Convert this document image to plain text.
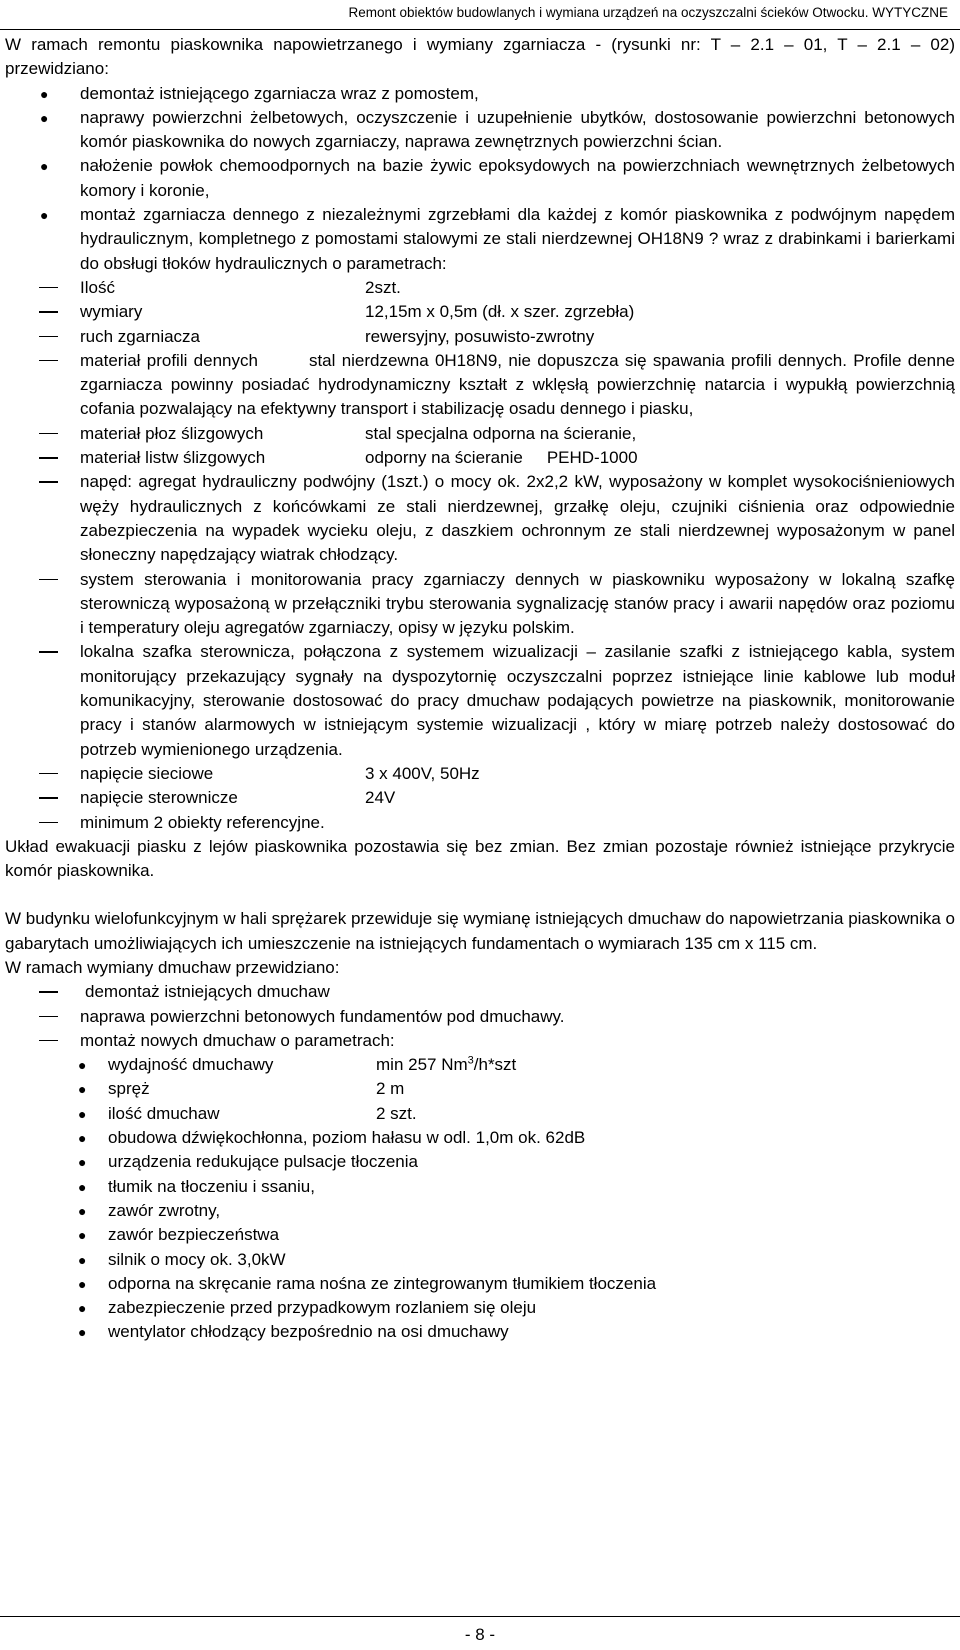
Remont obiektów budowlanych i wymiana urządzeń na oczyszczalni ścieków Otwocku. WYTYCZNE

W ramach remontu piaskownika napowietrzanego i wymiany zgarniacza - (rysunki nr: T – 2.1 – 01, T – 2.1 – 02) przewidziano:

● demontaż istniejącego zgarniacza wraz z pomostem,
● naprawy powierzchni żelbetowych, oczyszczenie i uzupełnienie ubytków, dostosowanie powierzchni betonowych komór piaskownika do nowych zgarniaczy, naprawa zewnętrznych powierzchni ścian.
● nałożenie powłok chemoodpornych na bazie żywic epoksydowych na powierzchniach wewnętrznych żelbetowych komory i koronie,
● montaż zgarniacza dennego z niezależnymi zgrzebłami dla każdej z komór piaskownika z podwójnym napędem hydraulicznym, kompletnego z pomostami stalowymi ze stali nierdzewnej OH18N9 ? wraz z drabinkami i barierkami do obsługi tłoków hydraulicznych o parametrach:
Ilość	2szt.
wymiary	12,15m x 0,5m (dł. x szer. zgrzebła)
ruch zgarniacza	rewersyjny, posuwisto-zwrotny
materiał profili dennych	stal nierdzewna 0H18N9, nie dopuszcza się spawania profili dennych. Profile denne zgarniacza powinny posiadać hydrodynamiczny kształt z wklęsłą powierzchnię natarcia i wypukłą powierzchnią cofania pozwalający na efektywny transport i stabilizację osadu dennego i piasku,
materiał płoz ślizgowych	stal specjalna odporna na ścieranie,
materiał listw ślizgowych	odporny na ścieranie PEHD-1000
napęd: agregat hydrauliczny podwójny (1szt.) o mocy ok. 2x2,2 kW, wyposażony w komplet wysokociśnieniowych węży hydraulicznych z końcówkami ze stali nierdzewnej, grzałkę oleju, czujniki ciśnienia oraz odpowiednie zabezpieczenia na wypadek wycieku oleju, z daszkiem ochronnym ze stali nierdzewnej wyposażonym w panel słoneczny napędzający wiatrak chłodzący.
system sterowania i monitorowania pracy zgarniaczy dennych w piaskowniku wyposażony w lokalną szafkę sterowniczą wyposażoną w przełączniki trybu sterowania sygnalizację stanów pracy i awarii napędów oraz poziomu i temperatury oleju agregatów zgarniaczy, opisy w języku polskim.
lokalna szafka sterownicza, połączona z systemem wizualizacji – zasilanie szafki z istniejącego kabla, system monitorujący przekazujący sygnały na dyspozytornię oczyszczalni poprzez istniejące linie kablowe lub moduł komunikacyjny, sterowanie dostosować do pracy dmuchaw podających powietrze na piaskownik, monitorowanie pracy i stanów alarmowych w istniejącym systemie wizualizacji , który w miarę potrzeb należy dostosować do potrzeb wymienionego urządzenia.
napięcie sieciowe	3 x 400V, 50Hz
napięcie sterownicze	24V
minimum 2 obiekty referencyjne.

Układ ewakuacji piasku z lejów piaskownika pozostawia się bez zmian. Bez zmian pozostaje również istniejące przykrycie komór piaskownika.

W budynku wielofunkcyjnym w hali sprężarek przewiduje się wymianę istniejących dmuchaw do napowietrzania piaskownika o gabarytach umożliwiających ich umieszczenie na istniejących fundamentach o wymiarach 135 cm x 115 cm.

W ramach wymiany dmuchaw przewidziano:

demontaż istniejących dmuchaw
naprawa powierzchni betonowych fundamentów pod dmuchawy.
montaż nowych dmuchaw o parametrach:
● wydajność dmuchawy	min 257 Nm$^3$/h*szt
● spręż	2 m
● ilość dmuchaw	2 szt.
● obudowa dźwiękochłonna, poziom hałasu w odl. 1,0m ok. 62dB
● urządzenia redukujące pulsacje tłoczenia
● tłumik na tłoczeniu i ssaniu,
● zawór zwrotny,
● zawór bezpieczeństwa
● silnik o mocy ok. 3,0kW
● odporna na skręcanie rama nośna ze zintegrowanym tłumikiem tłoczenia
● zabezpieczenie przed przypadkowym rozlaniem się oleju
● wentylator chłodzący bezpośrednio na osi dmuchawy
- 8 -
